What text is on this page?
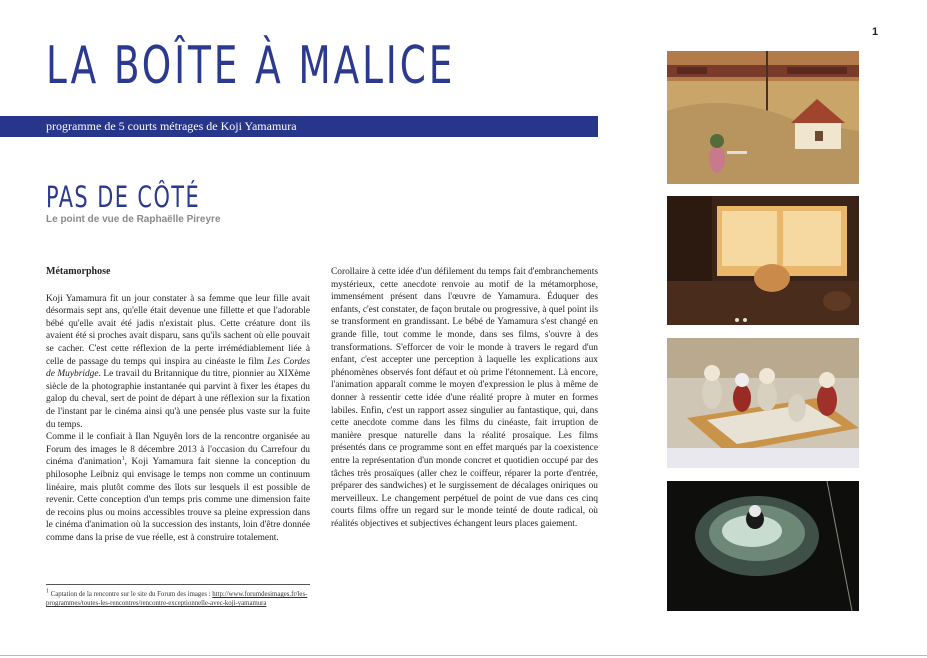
1
LA BOÎTE À MALICE
programme de 5 courts métrages de Koji Yamamura
PAS DE CÔTÉ
Le point de vue de Raphaëlle Pireyre
Métamorphose

Koji Yamamura fit un jour constater à sa femme que leur fille avait désormais sept ans, qu'elle était devenue une fillette et que l'adorable bébé qu'elle avait été jadis n'existait plus. Cette créature dont ils avaient été si proches avait disparu, sans qu'ils sachent où elle pouvait se cacher. C'est cette réflexion de la perte irrémédiablement liée à celle de passage du temps qui inspira au cinéaste le film Les Cordes de Muybridge. Le travail du Britannique du titre, pionnier au XIXème siècle de la photographie instantanée qui parvint à fixer les étapes du galop du cheval, sert de point de départ à une réflexion sur la fixation de l'instant par le cinéma ainsi qu'à une pensée plus vaste sur la fuite du temps.

Comme il le confiait à Ilan Nguyên lors de la rencontre organisée au Forum des images le 8 décembre 2013 à l'occasion du Carrefour du cinéma d'animation$^1$, Koji Yamamura fait sienne la conception du philosophe Leibniz qui envisage le temps non comme un continuum linéaire, mais plutôt comme des îlots sur lesquels il est possible de revenir. Cette conception d'un temps pris comme une dimension faite de recoins plus ou moins accessibles trouve sa pleine expression dans le cinéma d'animation où la succession des instants, loin d'être donnée comme dans la prise de vue réelle, est à construire totalement.

Corollaire à cette idée d'un défilement du temps fait d'embranchements mystérieux, cette anecdote renvoie au motif de la métamorphose, immensément présent dans l'œuvre de Yamamura. Éduquer des enfants, c'est constater, de façon brutale ou progressive, à quel point ils se transforment en grandissant. Le bébé de Yamamura s'est changé en grande fille, tout comme le monde, dans ses films, s'ouvre à des transformations. S'efforcer de voir le monde à travers le regard d'un enfant, c'est accepter une perception à laquelle les explications aux phénomènes observés font défaut et où prime l'étonnement. Là encore, l'animation apparaît comme le moyen d'expression le plus à même de donner à ressentir cette idée d'une réalité propre à muter en formes labiles. Enfin, c'est un rapport assez singulier au fantastique, qui, dans cette anecdote comme dans les films du cinéaste, fait irruption de manière presque naturelle dans la réalité prosaïque. Les films présentés dans ce programme sont en effet marqués par la coexistence entre la représentation d'un monde concret et quotidien occupé par des tâches très prosaïques (aller chez le coiffeur, réparer la porte d'entrée, préparer des sandwiches) et le surgissement de décalages oniriques ou merveilleux. Le changement perpétuel de point de vue dans ces cinq courts films offre un regard sur le monde teinté de doute radical, où réalités objectives et subjectives échangent leurs places gaiement.

$^1$ Captation de la rencontre sur le site du Forum des images : http://www.forumdesimages.fr/les-programmes/toutes-les-rencontres/rencontre-exceptionnelle-avec-koji-yamamura
